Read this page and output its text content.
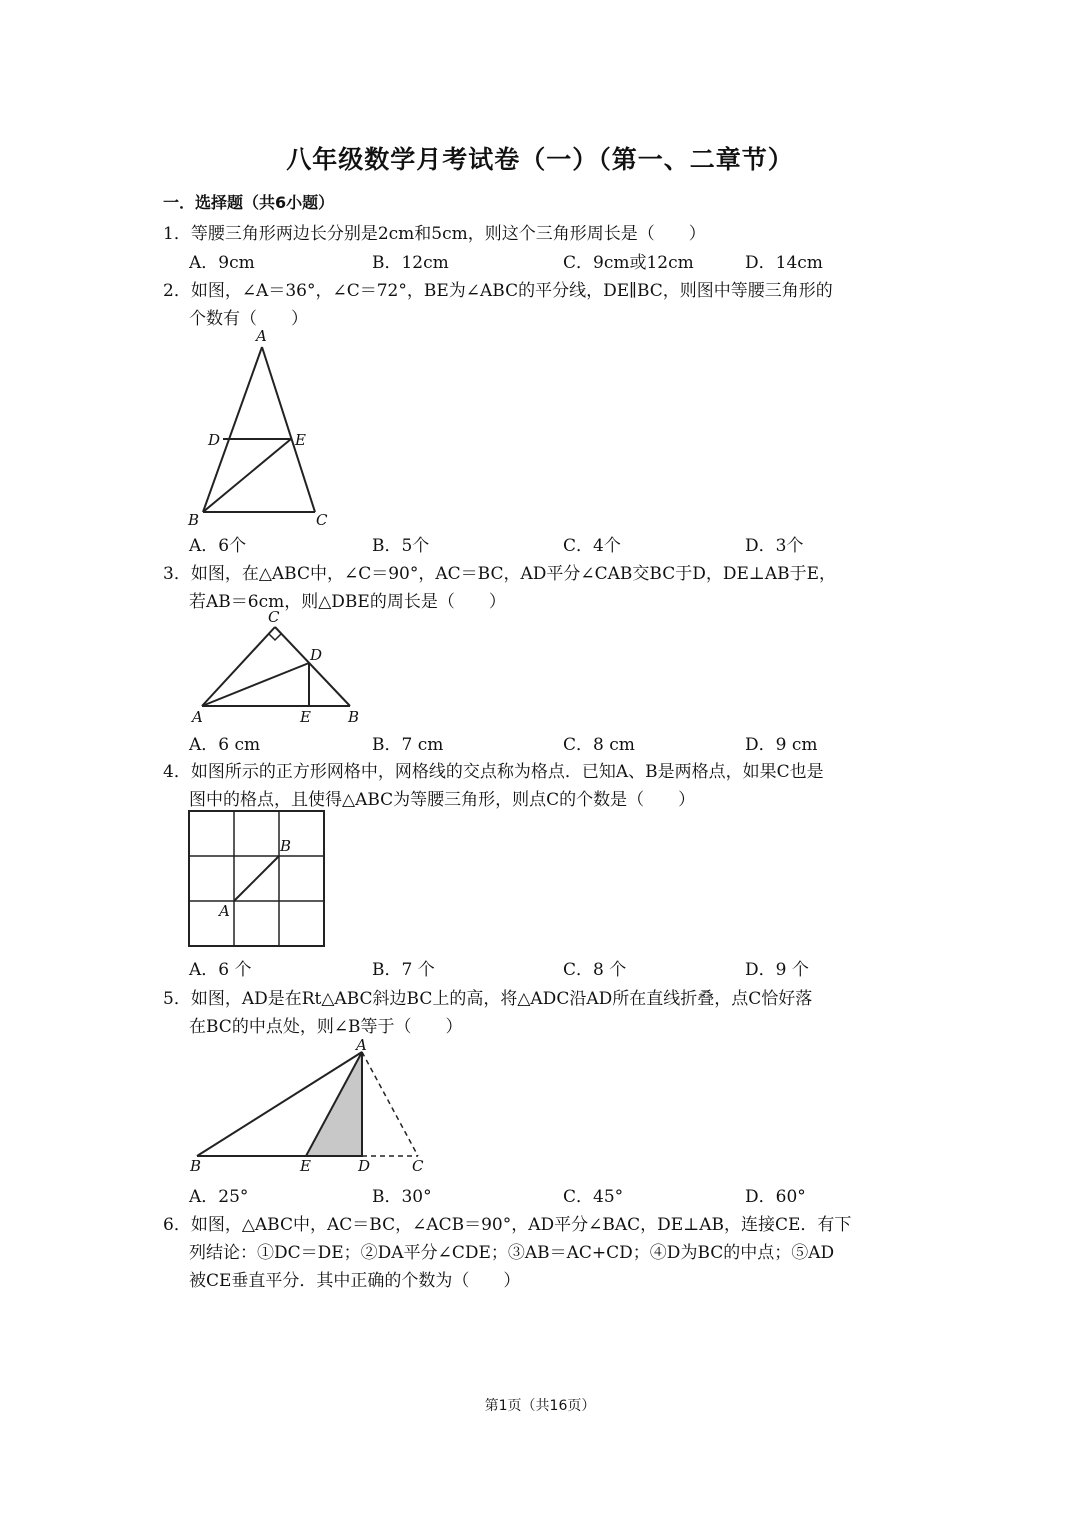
八年级数学月考试卷（一）（第一、二章节）
一．选择题（共6小题）
1．等腰三角形两边长分别是2cm和5cm，则这个三角形周长是（　　）
A．9cm	B．12cm	C．9cm或12cm	D．14cm
2．如图，∠A＝36°，∠C＝72°，BE为∠ABC的平分线，DE∥BC，则图中等腰三角形的
个数有（　　）
A
D	E
B	C
A．6个	B．5个	C．4个	D．3个
3．如图，在△ABC中，∠C＝90°，AC＝BC，AD平分∠CAB交BC于D，DE⊥AB于E，
若AB＝6cm，则△DBE的周长是（　　）
C
D
A	E B
A．6 cm	B．7 cm	C．8 cm	D．9 cm
4．如图所示的正方形网格中，网格线的交点称为格点．已知A、B是两格点，如果C也是
图中的格点，且使得△ABC为等腰三角形，则点C的个数是（　　）
B
A
A．6 个	B．7 个	C．8 个	D．9 个
5．如图，AD是在Rt△ABC斜边BC上的高，将△ADC沿AD所在直线折叠，点C恰好落
在BC的中点处，则∠B等于（　　）
A
B	E	D	C
A．25°	B．30°	C．45°	D．60°
6．如图，△ABC中，AC＝BC，∠ACB＝90°，AD平分∠BAC，DE⊥AB，连接CE．有下
列结论：①DC＝DE；②DA平分∠CDE；③AB＝AC+CD；④D为BC的中点；⑤AD
被CE垂直平分．其中正确的个数为（　　）
第1页（共16页）
